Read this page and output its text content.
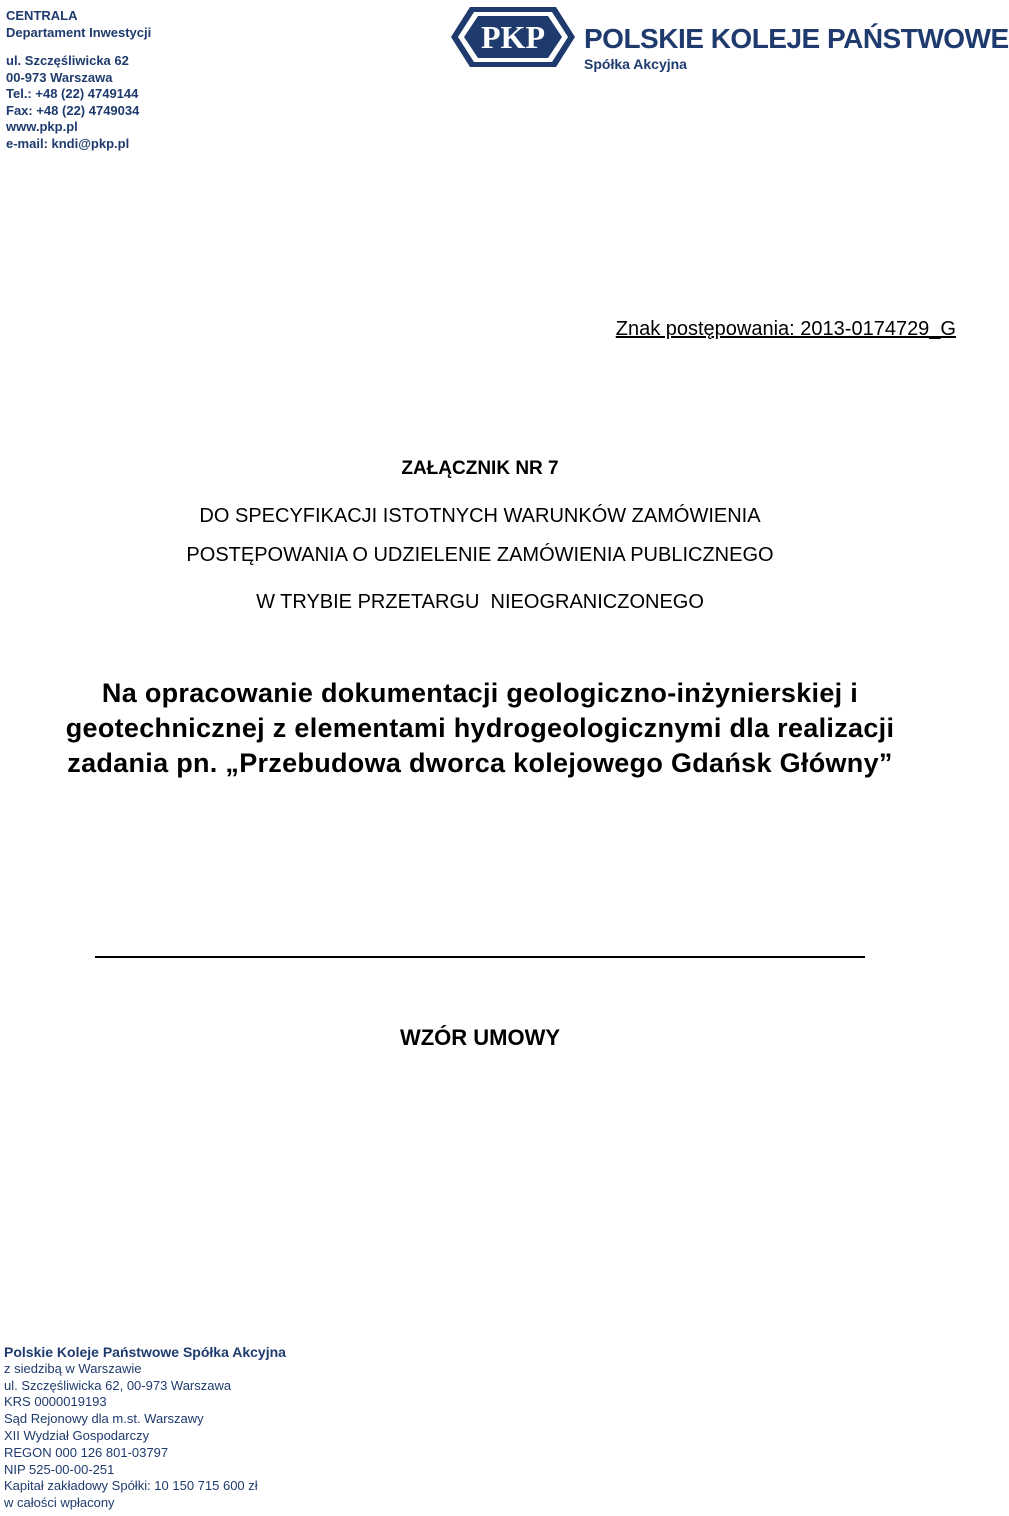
CENTRALA
Departament Inwestycji
ul. Szczęśliwicka 62
00-973 Warszawa
Tel.: +48 (22) 4749144
Fax: +48 (22) 4749034
www.pkp.pl
e-mail: kndi@pkp.pl
PKP POLSKIE KOLEJE PAŃSTWOWE
Spółka Akcyjna
Znak postępowania: 2013-0174729_G
ZAŁĄCZNIK NR 7
DO SPECYFIKACJI ISTOTNYCH WARUNKÓW ZAMÓWIENIA
POSTĘPOWANIA O UDZIELENIE ZAMÓWIENIA PUBLICZNEGO
W TRYBIE PRZETARGU  NIEOGRANICZONEGO
Na opracowanie dokumentacji geologiczno-inżynierskiej i geotechnicznej z elementami hydrogeologicznymi dla realizacji zadania pn. „Przebudowa dworca kolejowego Gdańsk Główny”
WZÓR UMOWY
Polskie Koleje Państwowe Spółka Akcyjna
z siedzibą w Warszawie
ul. Szczęśliwicka 62, 00-973 Warszawa
KRS 0000019193
Sąd Rejonowy dla m.st. Warszawy
XII Wydział Gospodarczy
REGON 000 126 801-03797
NIP 525-00-00-251
Kapitał zakładowy Spółki: 10 150 715 600 zł
w całości wpłacony
